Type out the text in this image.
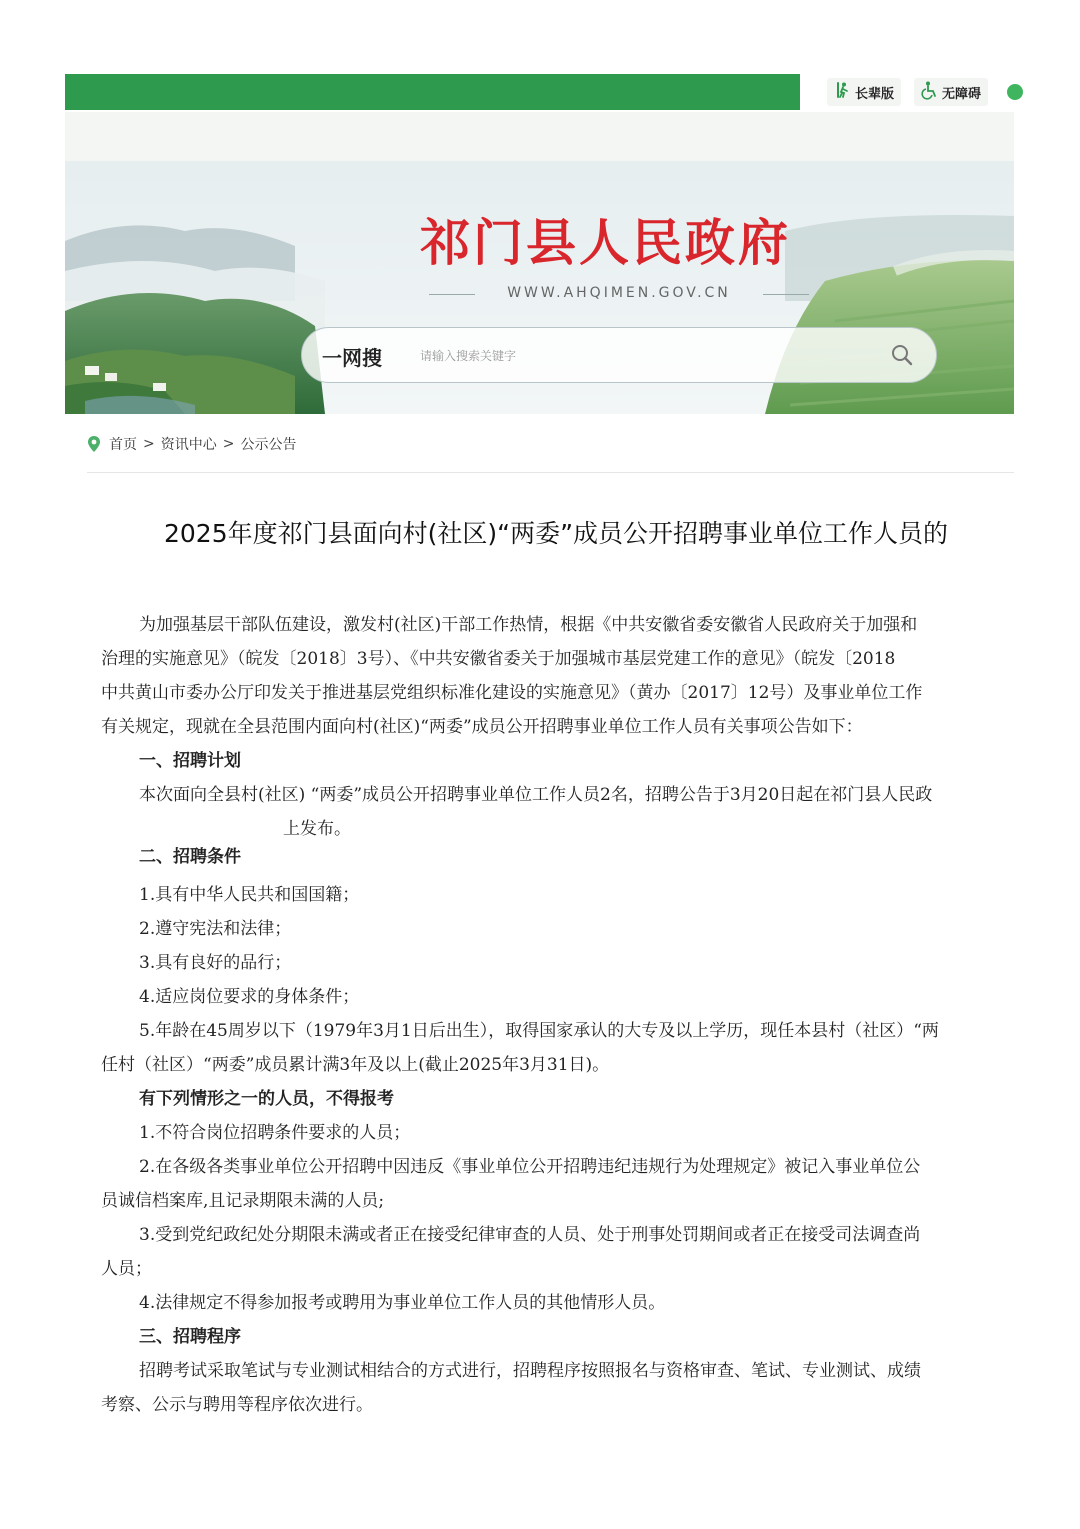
长辈版	无障碍
祁门县人民政府
WWW.AHQIMEN.GOV.CN
一网搜
请输入搜索关键字
首页 > 资讯中心 > 公示公告
2025年度祁门县面向村(社区)“两委”成员公开招聘事业单位工作人员的
为加强基层干部队伍建设，激发村(社区)干部工作热情，根据《中共安徽省委安徽省人民政府关于加强和
治理的实施意见》（皖发〔2018〕3号）、《中共安徽省委关于加强城市基层党建工作的意见》（皖发〔2018
中共黄山市委办公厅印发关于推进基层党组织标准化建设的实施意见》（黄办〔2017〕12号）及事业单位工作
有关规定，现就在全县范围内面向村(社区)“两委”成员公开招聘事业单位工作人员有关事项公告如下：
一、招聘计划
本次面向全县村(社区) “两委”成员公开招聘事业单位工作人员2名，招聘公告于3月20日起在祁门县人民政
上发布。
二、招聘条件
1.具有中华人民共和国国籍；
2.遵守宪法和法律；
3.具有良好的品行；
4.适应岗位要求的身体条件；
5.年龄在45周岁以下（1979年3月1日后出生），取得国家承认的大专及以上学历，现任本县村（社区）“两
任村（社区）“两委”成员累计满3年及以上(截止2025年3月31日)。
有下列情形之一的人员，不得报考
1.不符合岗位招聘条件要求的人员；
2.在各级各类事业单位公开招聘中因违反《事业单位公开招聘违纪违规行为处理规定》被记入事业单位公
员诚信档案库,且记录期限未满的人员;
3.受到党纪政纪处分期限未满或者正在接受纪律审查的人员、处于刑事处罚期间或者正在接受司法调查尚
人员；
4.法律规定不得参加报考或聘用为事业单位工作人员的其他情形人员。
三、招聘程序
招聘考试采取笔试与专业测试相结合的方式进行，招聘程序按照报名与资格审查、笔试、专业测试、成绩
考察、公示与聘用等程序依次进行。
